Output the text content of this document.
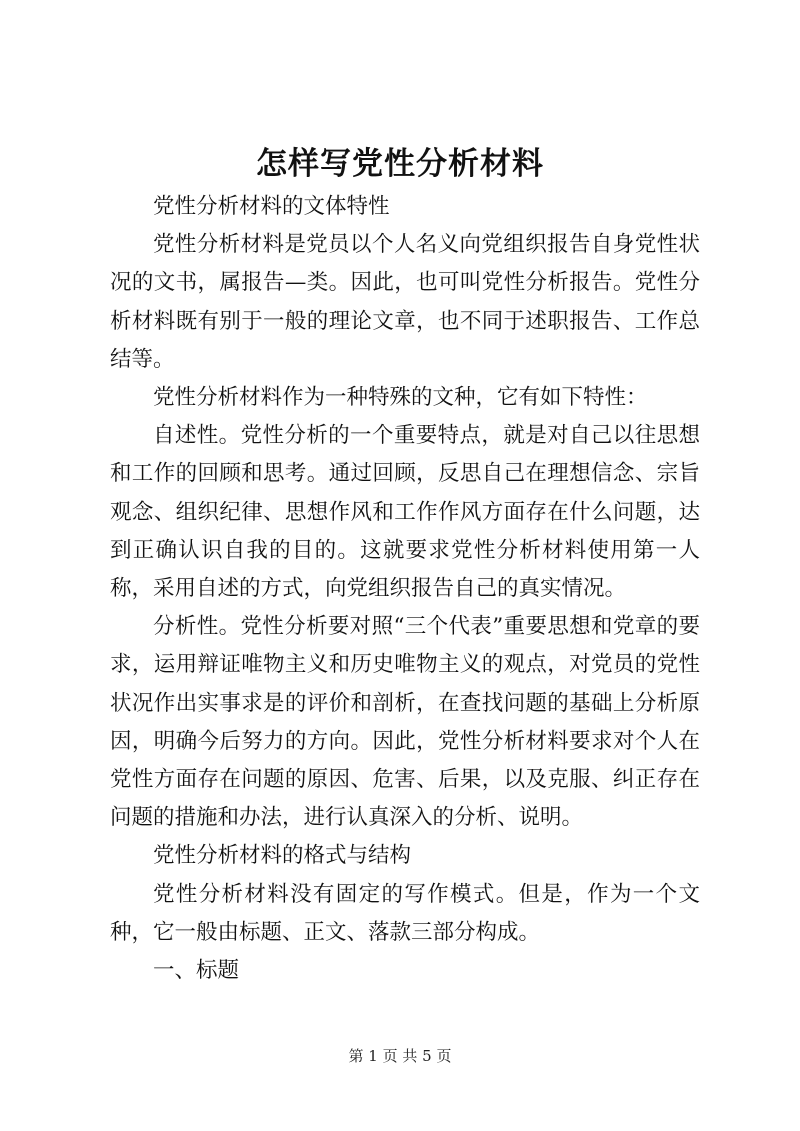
怎样写党性分析材料

党性分析材料的文体特性

党性分析材料是党员以个人名义向党组织报告自身党性状况的文书，属报告—类。因此，也可叫党性分析报告。党性分析材料既有别于一般的理论文章，也不同于述职报告、工作总结等。

党性分析材料作为一种特殊的文种，它有如下特性：

自述性。党性分析的一个重要特点，就是对自己以往思想和工作的回顾和思考。通过回顾，反思自己在理想信念、宗旨观念、组织纪律、思想作风和工作作风方面存在什么问题，达到正确认识自我的目的。这就要求党性分析材料使用第一人称，采用自述的方式，向党组织报告自己的真实情况。

分析性。党性分析要对照“三个代表”重要思想和党章的要求，运用辩证唯物主义和历史唯物主义的观点，对党员的党性状况作出实事求是的评价和剖析，在查找问题的基础上分析原因，明确今后努力的方向。因此，党性分析材料要求对个人在党性方面存在问题的原因、危害、后果，以及克服、纠正存在问题的措施和办法，进行认真深入的分析、说明。

党性分析材料的格式与结构

党性分析材料没有固定的写作模式。但是，作为一个文种，它一般由标题、正文、落款三部分构成。

一、标题

第 1 页 共 5 页
